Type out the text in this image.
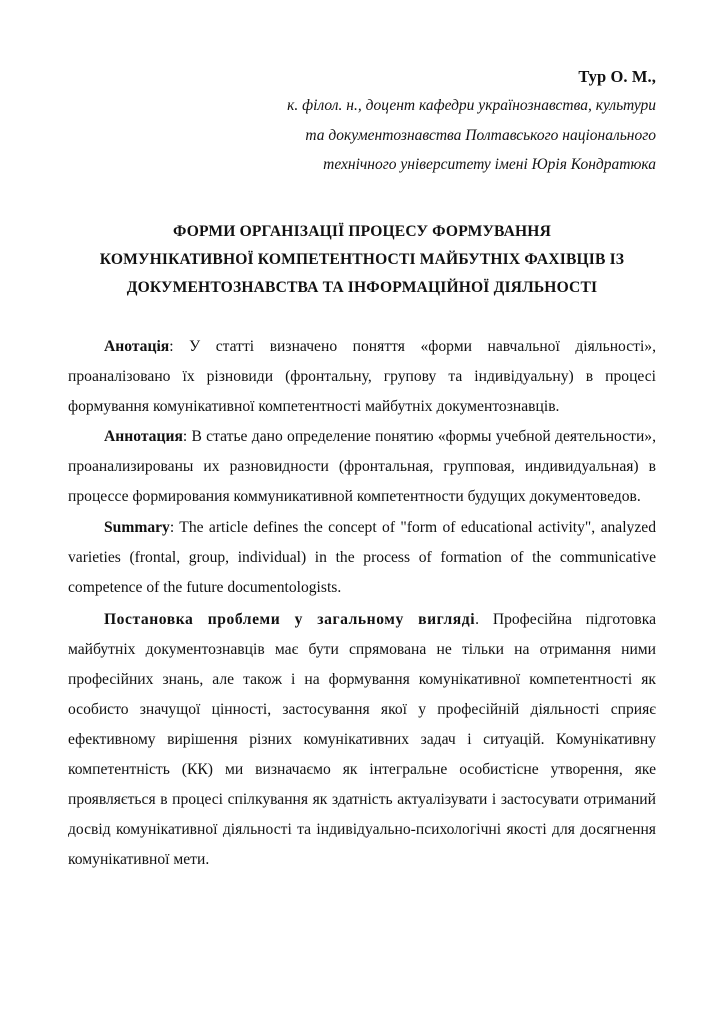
Тур О. М.,
к. філол. н., доцент кафедри українознавства, культури
та документознавства Полтавського національного
технічного університету імені Юрія Кондратюка
ФОРМИ ОРГАНІЗАЦІЇ ПРОЦЕСУ ФОРМУВАННЯ
КОМУНІКАТИВНОЇ КОМПЕТЕНТНОСТІ МАЙБУТНІХ ФАХІВЦІВ ІЗ
ДОКУМЕНТОЗНАВСТВА ТА ІНФОРМАЦІЙНОЇ ДІЯЛЬНОСТІ

Анотація: У статті визначено поняття «форми навчальної діяльності», проаналізовано їх різновиди (фронтальну, групову та індивідуальну) в процесі формування комунікативної компетентності майбутніх документознавців.

Аннотация: В статье дано определение понятию «формы учебной деятельности», проанализированы их разновидности (фронтальная, групповая, индивидуальная) в процессе формирования коммуникативной компетентности будущих документоведов.

Summary: The article defines the concept of "form of educational activity", analyzed varieties (frontal, group, individual) in the process of formation of the communicative competence of the future documentologists.

Постановка проблеми у загальному вигляді. Професійна підготовка майбутніх документознавців має бути спрямована не тільки на отримання ними професійних знань, але також і на формування комунікативної компетентності як особисто значущої цінності, застосування якої у професійній діяльності сприяє ефективному вирішення різних комунікативних задач і ситуацій. Комунікативну компетентність (КК) ми визначаємо як інтегральне особистісне утворення, яке проявляється в процесі спілкування як здатність актуалізувати і застосувати отриманий досвід комунікативної діяльності та індивідуально-психологічні якості для досягнення комунікативної мети.
